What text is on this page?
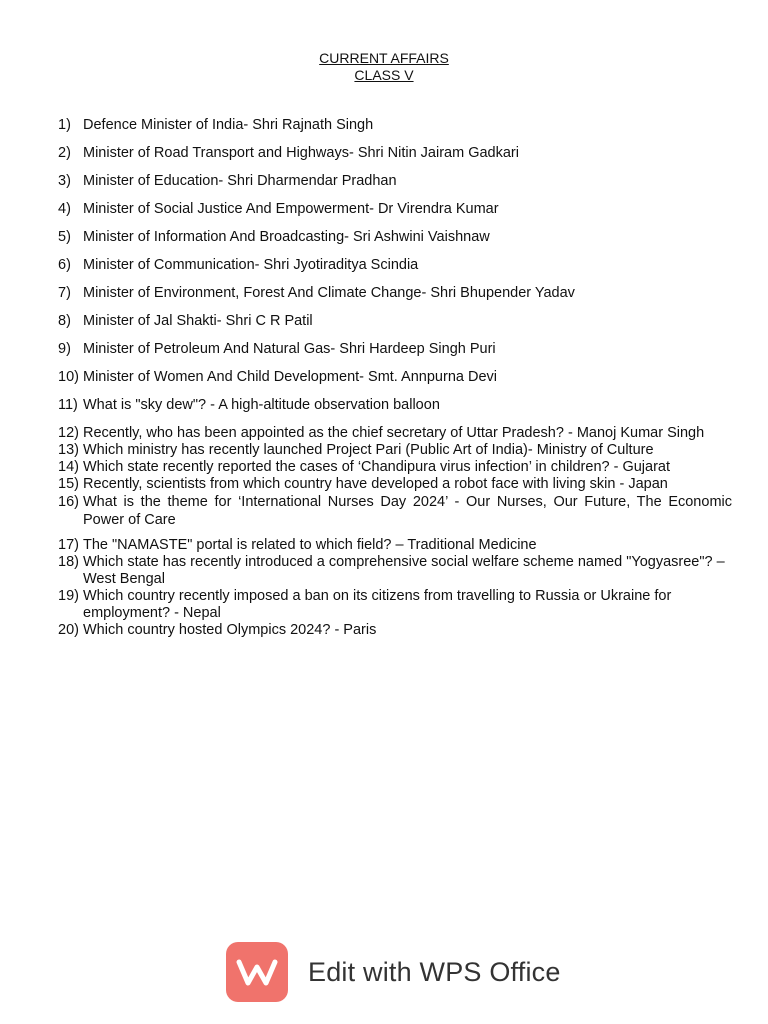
CURRENT AFFAIRS
CLASS V
1) Defence Minister of India- Shri Rajnath Singh
2) Minister of Road Transport and Highways- Shri Nitin Jairam Gadkari
3) Minister of Education- Shri Dharmendar Pradhan
4) Minister of Social Justice And Empowerment- Dr Virendra Kumar
5) Minister of Information And Broadcasting- Sri Ashwini Vaishnaw
6) Minister of Communication- Shri Jyotiraditya Scindia
7) Minister of Environment, Forest And Climate Change- Shri Bhupender Yadav
8) Minister of Jal Shakti- Shri C R Patil
9) Minister of Petroleum And Natural Gas- Shri Hardeep Singh Puri
10) Minister of Women And Child Development- Smt. Annpurna Devi
11) What is "sky dew"? - A high-altitude observation balloon
12) Recently, who has been appointed as the chief secretary of Uttar Pradesh? - Manoj Kumar Singh
13) Which ministry has recently launched Project Pari (Public Art of India)- Ministry of Culture
14) Which state recently reported the cases of ‘Chandipura virus infection’ in children? - Gujarat
15) Recently, scientists from which country have developed a robot face with living skin - Japan
16) What is the theme for ‘International Nurses Day 2024’ - Our Nurses, Our Future, The Economic Power of Care
17) The "NAMASTE" portal is related to which field? – Traditional Medicine
18) Which state has recently introduced a comprehensive social welfare scheme named "Yogyasree"? – West Bengal
19) Which country recently imposed a ban on its citizens from travelling to Russia or Ukraine for employment? - Nepal
20) Which country hosted Olympics 2024? - Paris
Edit with WPS Office
